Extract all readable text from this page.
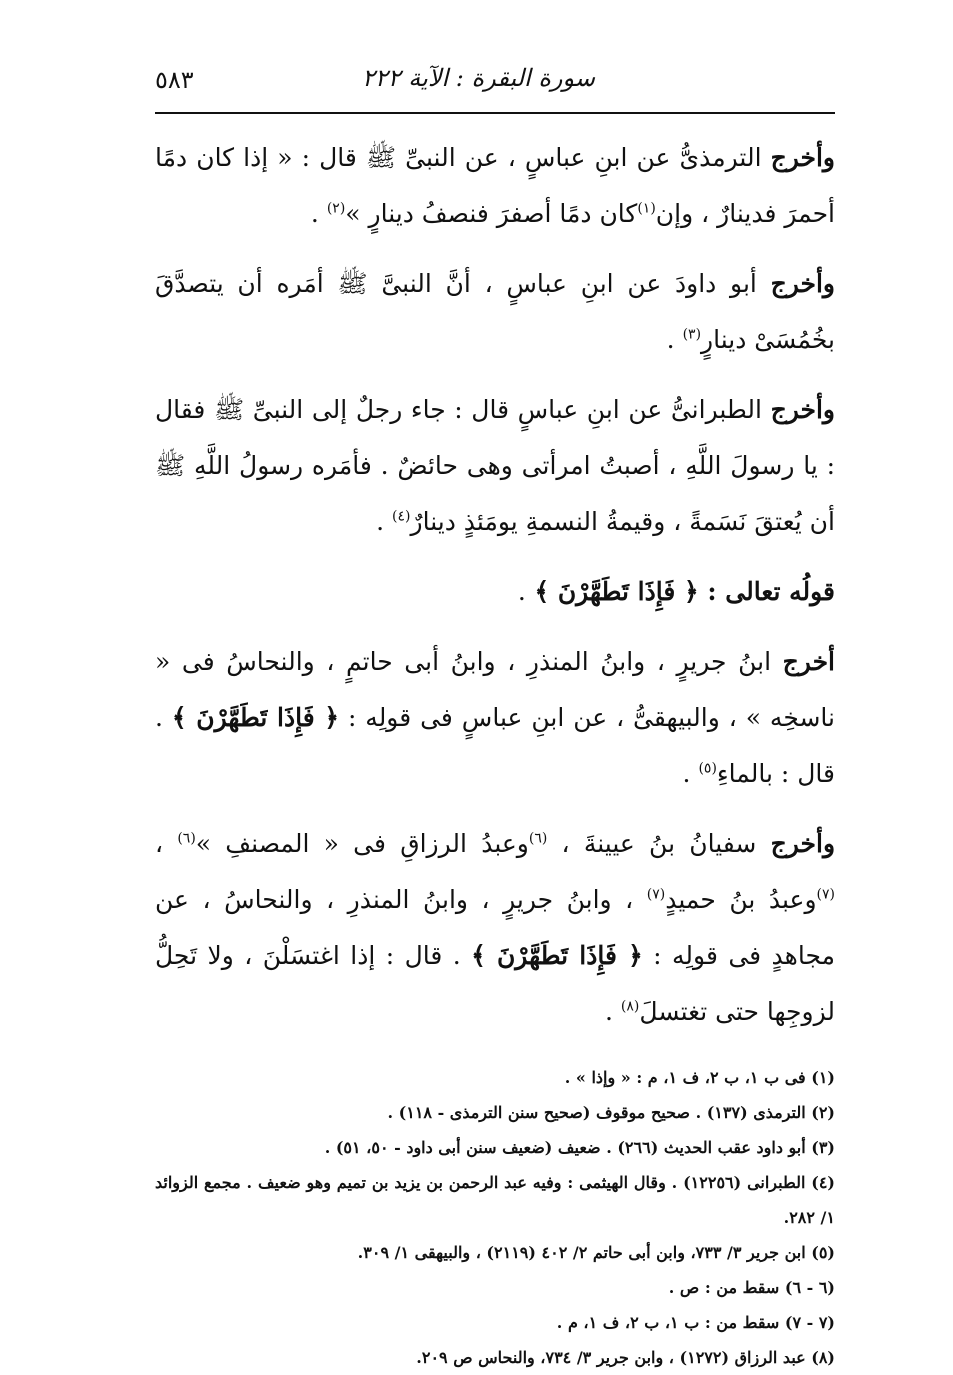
سورة البقرة : الآية ٢٢٢
٥٨٣

وأخرج الترمذىُّ عن ابنِ عباسٍ ، عن النبىِّ ﷺ قال : « إذا كان دمًا أحمرَ فدينارٌ ، وإن$^{(١)}$كان دمًا أصفرَ فنصفُ دينارٍ »$^{(٢)}$ .

وأخرج أبو داودَ عن ابنِ عباسٍ ، أنَّ النبىَّ ﷺ أمَره أن يتصدَّقَ بخُمُسَىْ دينارٍ$^{(٣)}$ .

وأخرج الطبرانىُّ عن ابنِ عباسٍ قال : جاء رجلٌ إلى النبىِّ ﷺ فقال : يا رسولَ اللَّهِ ، أصبتُ امرأتى وهى حائضٌ . فأمَره رسولُ اللَّهِ ﷺ أن يُعتقَ نَسَمةً ، وقيمةُ النسمةِ يومَئذٍ دينارٌ$^{(٤)}$ .

قولُه تعالى : ﴿ فَإِذَا تَطَهَّرْنَ ﴾ .

أخرج ابنُ جريرٍ ، وابنُ المنذرِ ، وابنُ أبى حاتمٍ ، والنحاسُ فى « ناسخِه » ، والبيهقىُّ ، عن ابنِ عباسٍ فى قولِه : ﴿ فَإِذَا تَطَهَّرْنَ ﴾ . قال : بالماءِ$^{(٥)}$ .

وأخرج سفيانُ بنُ عيينةَ ، $^{(٦)}$وعبدُ الرزاقِ فى « المصنفِ »$^{(٦)}$ ، $^{(٧)}$وعبدُ بنُ حميدٍ$^{(٧)}$ ، وابنُ جريرٍ ، وابنُ المنذرِ ، والنحاسُ ، عن مجاهدٍ فى قولِه : ﴿ فَإِذَا تَطَهَّرْنَ ﴾ . قال : إذا اغتسَلْنَ ، ولا تَحِلُّ لزوجِها حتى تغتسلَ$^{(٨)}$ .

(١) فى ب ١، ب ٢، ف ١، م : « وإذا » .

(٢) الترمذى (١٣٧) . صحيح موقوف (صحيح سنن الترمذى - ١١٨) .

(٣) أبو داود عقب الحديث (٢٦٦) . ضعيف (ضعيف سنن أبى داود - ٥٠، ٥١) .

(٤) الطبرانى (١٢٢٥٦) . وقال الهيثمى : وفيه عبد الرحمن بن يزيد بن تميم وهو ضعيف . مجمع الزوائد ١/ ٢٨٢.

(٥) ابن جرير ٣/ ٧٣٣، وابن أبى حاتم ٢/ ٤٠٢ (٢١١٩) ، والبيهقى ١/ ٣٠٩.

(٦ - ٦) سقط من : ص .

(٧ - ٧) سقط من : ب ١، ب ٢، ف ١، م .

(٨) عبد الرزاق (١٢٧٢) ، وابن جرير ٣/ ٧٣٤، والنحاس ص ٢٠٩.
